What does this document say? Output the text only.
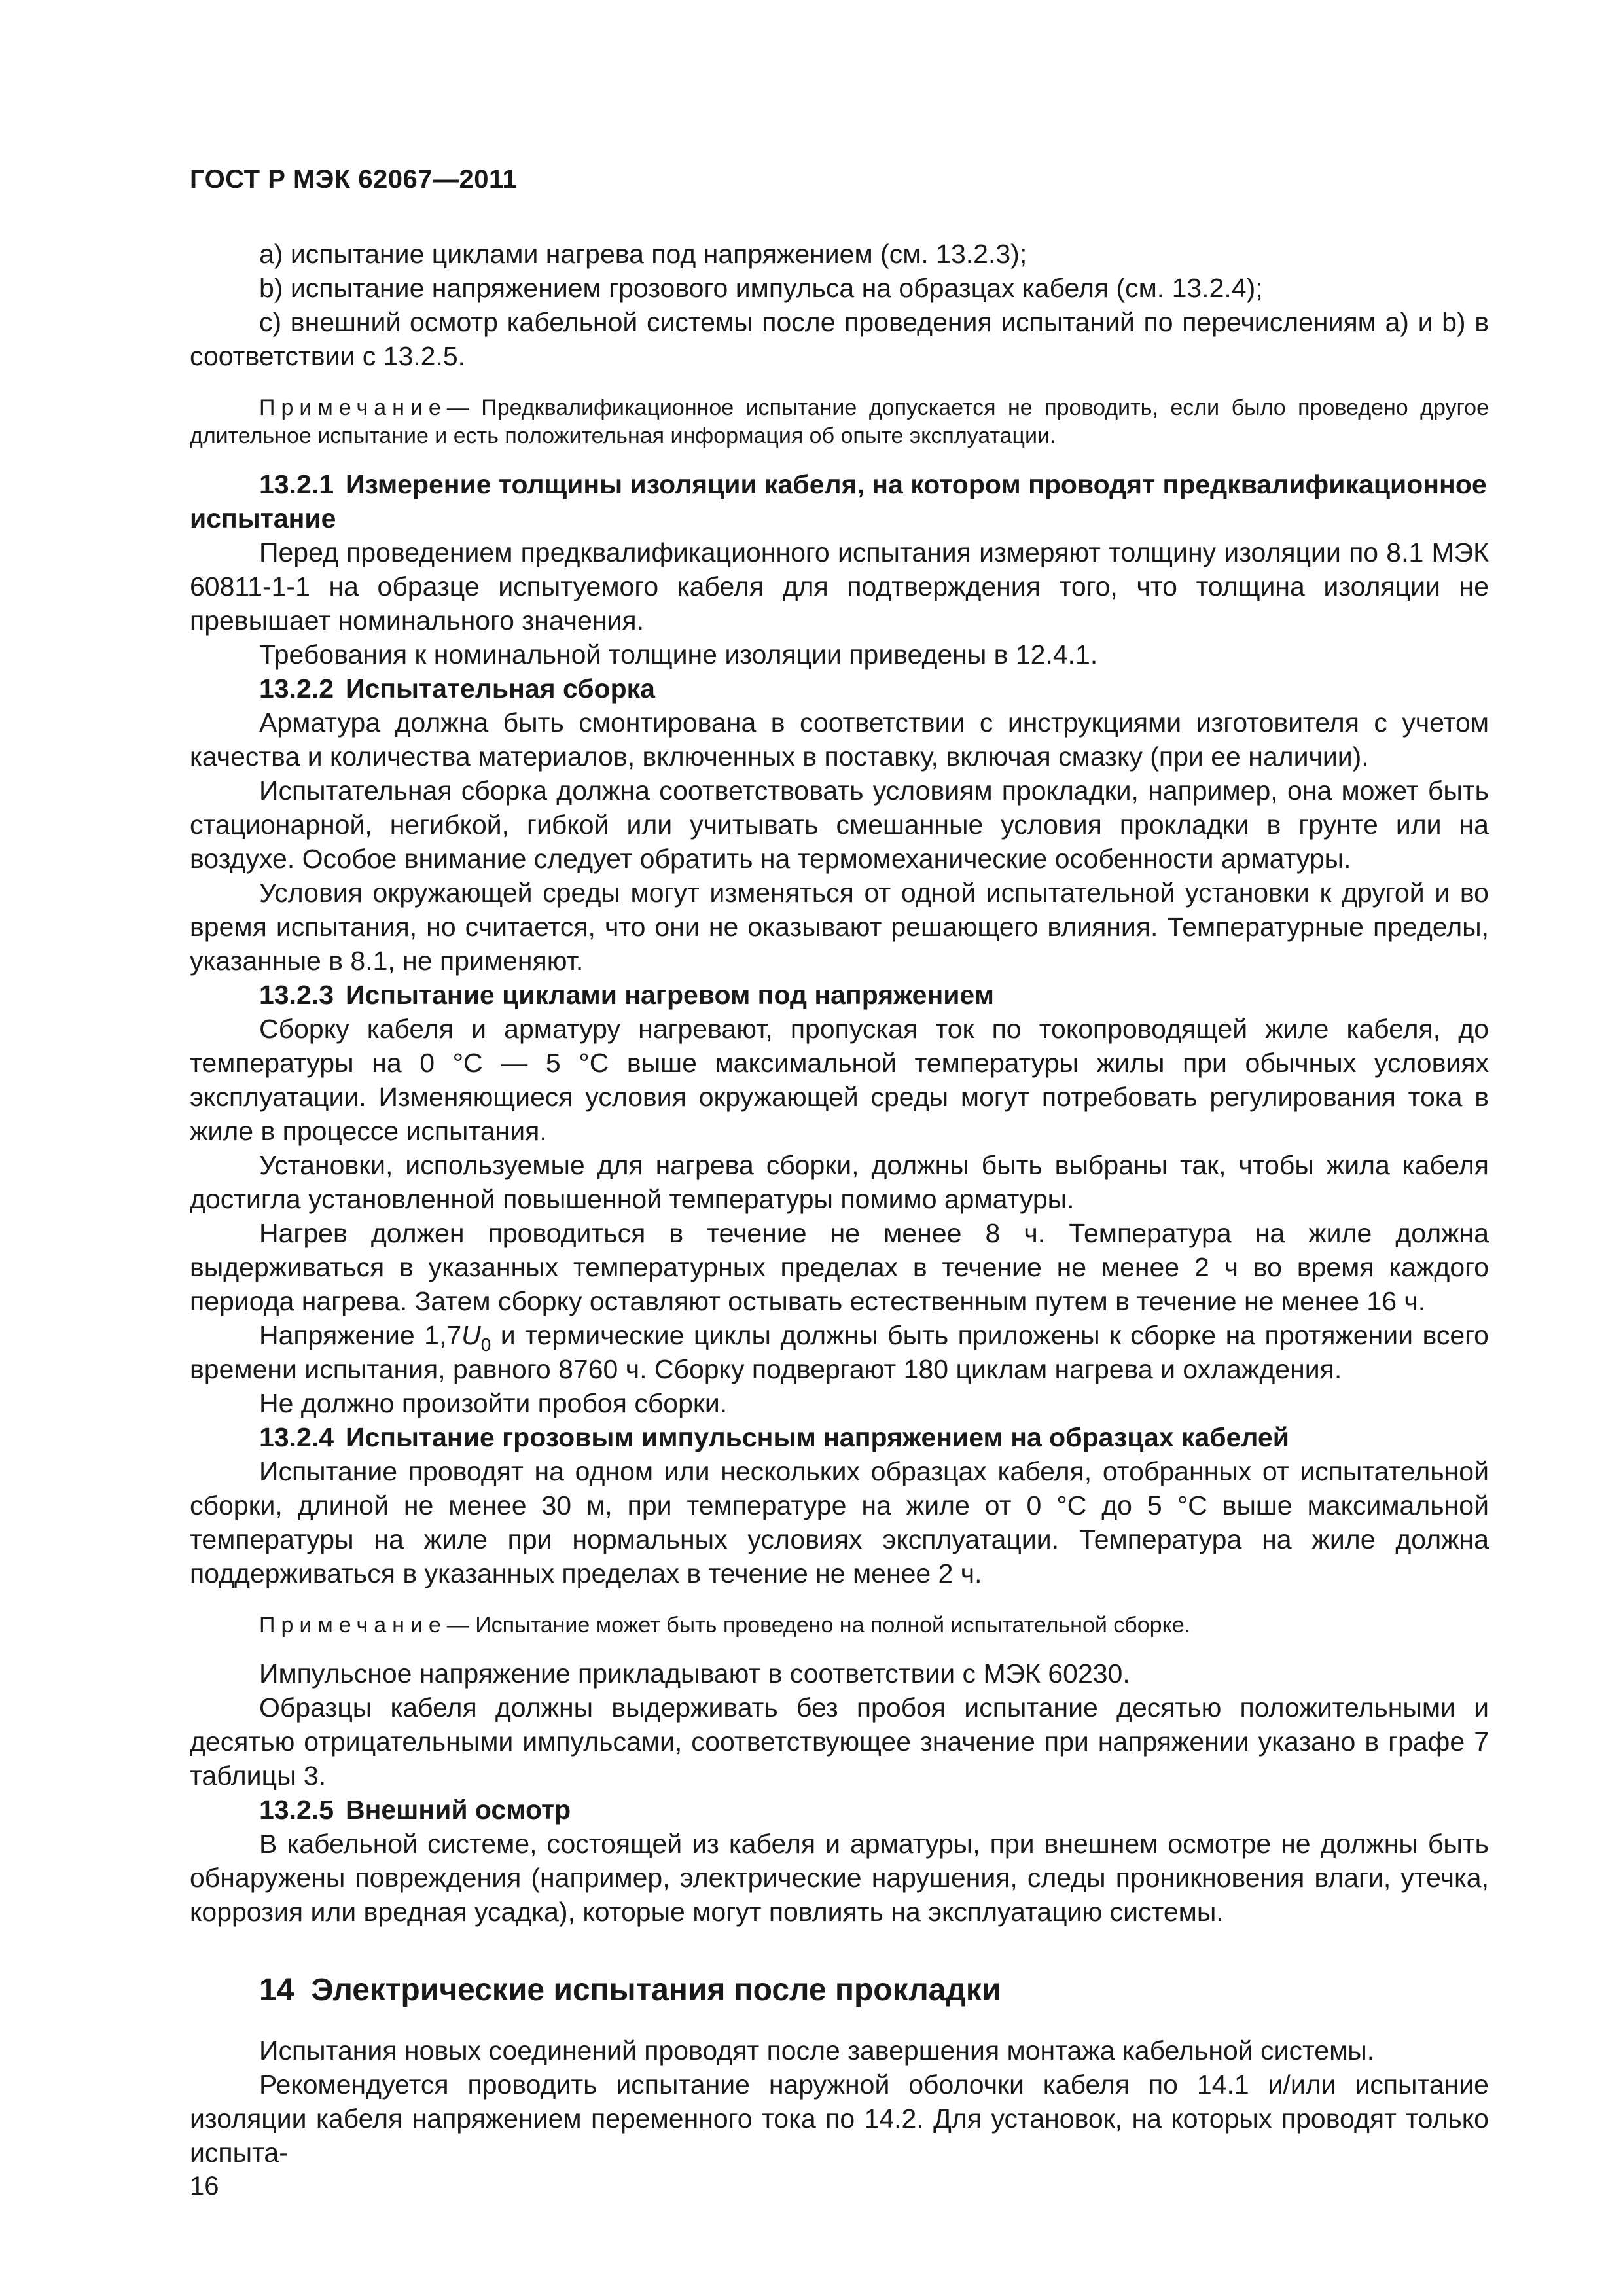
ГОСТ Р МЭК 62067—2011

a) испытание циклами нагрева под напряжением (см. 13.2.3);

b) испытание напряжением грозового импульса на образцах кабеля (см. 13.2.4);

c) внешний осмотр кабельной системы после проведения испытаний по перечислениям a) и b) в соответствии с 13.2.5.

Примечание— Предквалификационное испытание допускается не проводить, если было проведено другое длительное испытание и есть положительная информация об опыте эксплуатации.

13.2.1 Измерение толщины изоляции кабеля, на котором проводят предквалификационное испытание

Перед проведением предквалификационного испытания измеряют толщину изоляции по 8.1 МЭК 60811-1-1 на образце испытуемого кабеля для подтверждения того, что толщина изоляции не превышает номинального значения.

Требования к номинальной толщине изоляции приведены в 12.4.1.

13.2.2 Испытательная сборка

Арматура должна быть смонтирована в соответствии с инструкциями изготовителя с учетом качества и количества материалов, включенных в поставку, включая смазку (при ее наличии).

Испытательная сборка должна соответствовать условиям прокладки, например, она может быть стационарной, негибкой, гибкой или учитывать смешанные условия прокладки в грунте или на воздухе. Особое внимание следует обратить на термомеханические особенности арматуры.

Условия окружающей среды могут изменяться от одной испытательной установки к другой и во время испытания, но считается, что они не оказывают решающего влияния. Температурные пределы, указанные в 8.1, не применяют.

13.2.3 Испытание циклами нагревом под напряжением

Сборку кабеля и арматуру нагревают, пропуская ток по токопроводящей жиле кабеля, до температуры на 0 °С — 5 °С выше максимальной температуры жилы при обычных условиях эксплуатации. Изменяющиеся условия окружающей среды могут потребовать регулирования тока в жиле в процессе испытания.

Установки, используемые для нагрева сборки, должны быть выбраны так, чтобы жила кабеля достигла установленной повышенной температуры помимо арматуры.

Нагрев должен проводиться в течение не менее 8 ч. Температура на жиле должна выдерживаться в указанных температурных пределах в течение не менее 2 ч во время каждого периода нагрева. Затем сборку оставляют остывать естественным путем в течение не менее 16 ч.

Напряжение $1,7U_0$ и термические циклы должны быть приложены к сборке на протяжении всего времени испытания, равного 8760 ч. Сборку подвергают 180 циклам нагрева и охлаждения.

Не должно произойти пробоя сборки.

13.2.4 Испытание грозовым импульсным напряжением на образцах кабелей

Испытание проводят на одном или нескольких образцах кабеля, отобранных от испытательной сборки, длиной не менее 30 м, при температуре на жиле от 0 °С до 5 °С выше максимальной температуры на жиле при нормальных условиях эксплуатации. Температура на жиле должна поддерживаться в указанных пределах в течение не менее 2 ч.

Примечание— Испытание может быть проведено на полной испытательной сборке.

Импульсное напряжение прикладывают в соответствии с МЭК 60230.

Образцы кабеля должны выдерживать без пробоя испытание десятью положительными и десятью отрицательными импульсами, соответствующее значение при напряжении указано в графе 7 таблицы 3.

13.2.5 Внешний осмотр

В кабельной системе, состоящей из кабеля и арматуры, при внешнем осмотре не должны быть обнаружены повреждения (например, электрические нарушения, следы проникновения влаги, утечка, коррозия или вредная усадка), которые могут повлиять на эксплуатацию системы.

14 Электрические испытания после прокладки

Испытания новых соединений проводят после завершения монтажа кабельной системы.

Рекомендуется проводить испытание наружной оболочки кабеля по 14.1 и/или испытание изоляции кабеля напряжением переменного тока по 14.2. Для установок, на которых проводят только испыта-

16
